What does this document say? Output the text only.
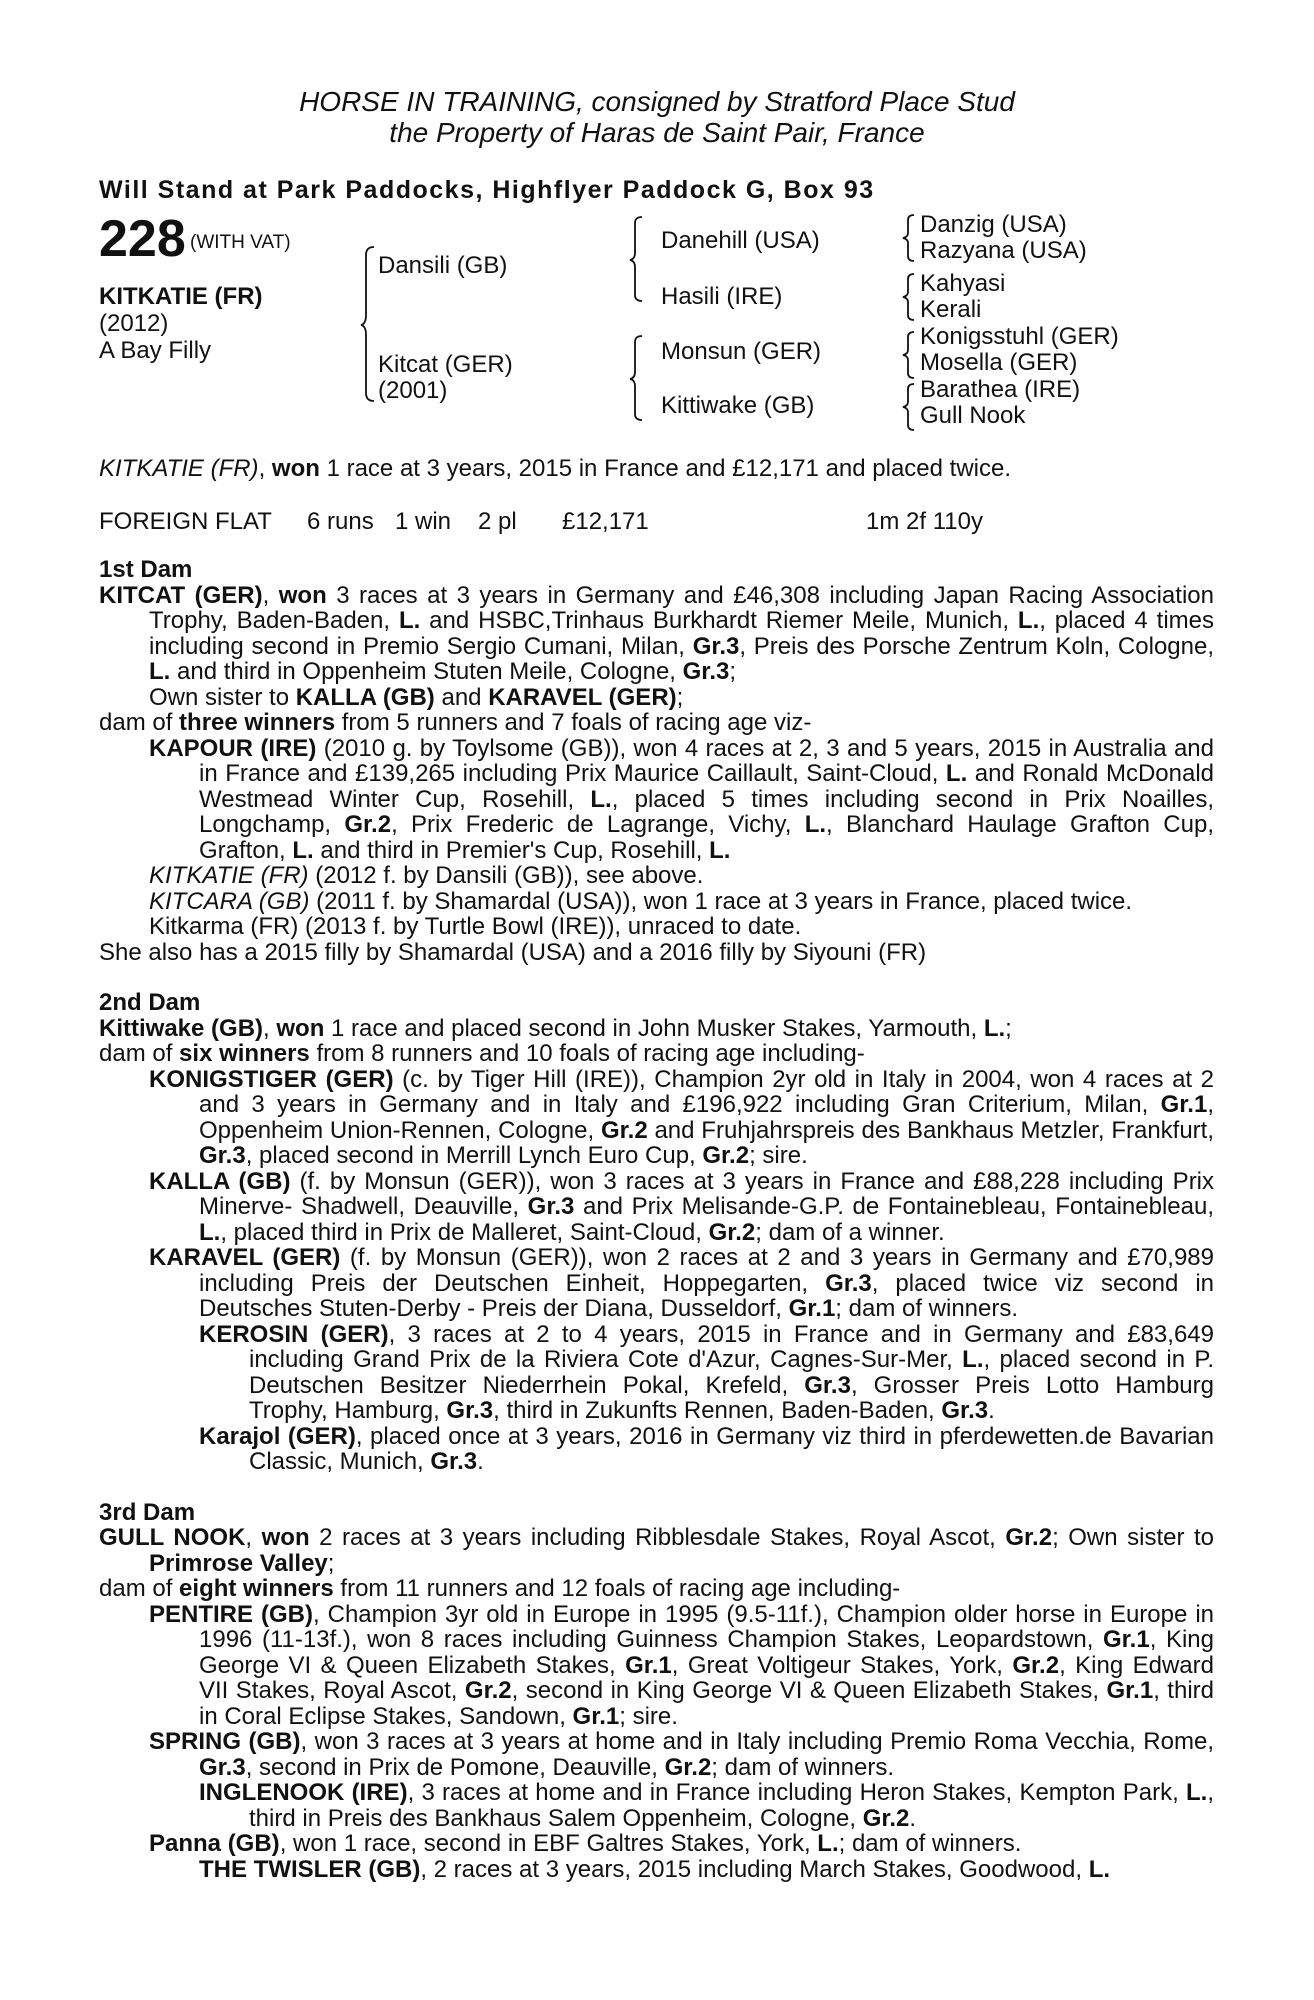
HORSE IN TRAINING, consigned by Stratford Place Stud
the Property of Haras de Saint Pair, France
Will Stand at Park Paddocks, Highflyer Paddock G, Box 93
228 (WITH VAT)
KITKATIE (FR)
(2012)
A Bay Filly
Dansili (GB)
Kitcat (GER)
(2001)
Danehill (USA)
Hasili (IRE)
Monsun (GER)
Kittiwake (GB)
Danzig (USA)
Razyana (USA)
Kahyasi
Kerali
Konigsstuhl (GER)
Mosella (GER)
Barathea (IRE)
Gull Nook

KITKATIE (FR), won 1 race at 3 years, 2015 in France and £12,171 and placed twice.

FOREIGN FLAT 6 runs 1 win 2 pl £12,171	1m 2f 110y

1st Dam

KITCAT (GER), won 3 races at 3 years in Germany and £46,308 including Japan Racing Association Trophy, Baden-Baden, L. and HSBC,Trinhaus Burkhardt Riemer Meile, Munich, L., placed 4 times including second in Premio Sergio Cumani, Milan, Gr.3, Preis des Porsche Zentrum Koln, Cologne, L. and third in Oppenheim Stuten Meile, Cologne, Gr.3;
Own sister to KALLA (GB) and KARAVEL (GER);

dam of three winners from 5 runners and 7 foals of racing age viz-

KAPOUR (IRE) (2010 g. by Toylsome (GB)), won 4 races at 2, 3 and 5 years, 2015 in Australia and in France and £139,265 including Prix Maurice Caillault, Saint-Cloud, L. and Ronald McDonald Westmead Winter Cup, Rosehill, L., placed 5 times including second in Prix Noailles, Longchamp, Gr.2, Prix Frederic de Lagrange, Vichy, L., Blanchard Haulage Grafton Cup, Grafton, L. and third in Premier's Cup, Rosehill, L.

KITKATIE (FR) (2012 f. by Dansili (GB)), see above.

KITCARA (GB) (2011 f. by Shamardal (USA)), won 1 race at 3 years in France, placed twice.

Kitkarma (FR) (2013 f. by Turtle Bowl (IRE)), unraced to date.

She also has a 2015 filly by Shamardal (USA) and a 2016 filly by Siyouni (FR)

2nd Dam

Kittiwake (GB), won 1 race and placed second in John Musker Stakes, Yarmouth, L.;

dam of six winners from 8 runners and 10 foals of racing age including-

KONIGSTIGER (GER) (c. by Tiger Hill (IRE)), Champion 2yr old in Italy in 2004, won 4 races at 2 and 3 years in Germany and in Italy and £196,922 including Gran Criterium, Milan, Gr.1, Oppenheim Union-Rennen, Cologne, Gr.2 and Fruhjahrspreis des Bankhaus Metzler, Frankfurt, Gr.3, placed second in Merrill Lynch Euro Cup, Gr.2; sire.

KALLA (GB) (f. by Monsun (GER)), won 3 races at 3 years in France and £88,228 including Prix Minerve- Shadwell, Deauville, Gr.3 and Prix Melisande-G.P. de Fontainebleau, Fontainebleau, L., placed third in Prix de Malleret, Saint-Cloud, Gr.2; dam of a winner.

KARAVEL (GER) (f. by Monsun (GER)), won 2 races at 2 and 3 years in Germany and £70,989 including Preis der Deutschen Einheit, Hoppegarten, Gr.3, placed twice viz second in Deutsches Stuten-Derby - Preis der Diana, Dusseldorf, Gr.1; dam of winners.

KEROSIN (GER), 3 races at 2 to 4 years, 2015 in France and in Germany and £83,649 including Grand Prix de la Riviera Cote d'Azur, Cagnes-Sur-Mer, L., placed second in P. Deutschen Besitzer Niederrhein Pokal, Krefeld, Gr.3, Grosser Preis Lotto Hamburg Trophy, Hamburg, Gr.3, third in Zukunfts Rennen, Baden-Baden, Gr.3.

Karajol (GER), placed once at 3 years, 2016 in Germany viz third in pferdewetten.de Bavarian Classic, Munich, Gr.3.

3rd Dam

GULL NOOK, won 2 races at 3 years including Ribblesdale Stakes, Royal Ascot, Gr.2; Own sister to Primrose Valley;

dam of eight winners from 11 runners and 12 foals of racing age including-

PENTIRE (GB), Champion 3yr old in Europe in 1995 (9.5-11f.), Champion older horse in Europe in 1996 (11-13f.), won 8 races including Guinness Champion Stakes, Leopardstown, Gr.1, King George VI & Queen Elizabeth Stakes, Gr.1, Great Voltigeur Stakes, York, Gr.2, King Edward VII Stakes, Royal Ascot, Gr.2, second in King George VI & Queen Elizabeth Stakes, Gr.1, third in Coral Eclipse Stakes, Sandown, Gr.1; sire.

SPRING (GB), won 3 races at 3 years at home and in Italy including Premio Roma Vecchia, Rome, Gr.3, second in Prix de Pomone, Deauville, Gr.2; dam of winners.

INGLENOOK (IRE), 3 races at home and in France including Heron Stakes, Kempton Park, L., third in Preis des Bankhaus Salem Oppenheim, Cologne, Gr.2.

Panna (GB), won 1 race, second in EBF Galtres Stakes, York, L.; dam of winners.

THE TWISLER (GB), 2 races at 3 years, 2015 including March Stakes, Goodwood, L.
